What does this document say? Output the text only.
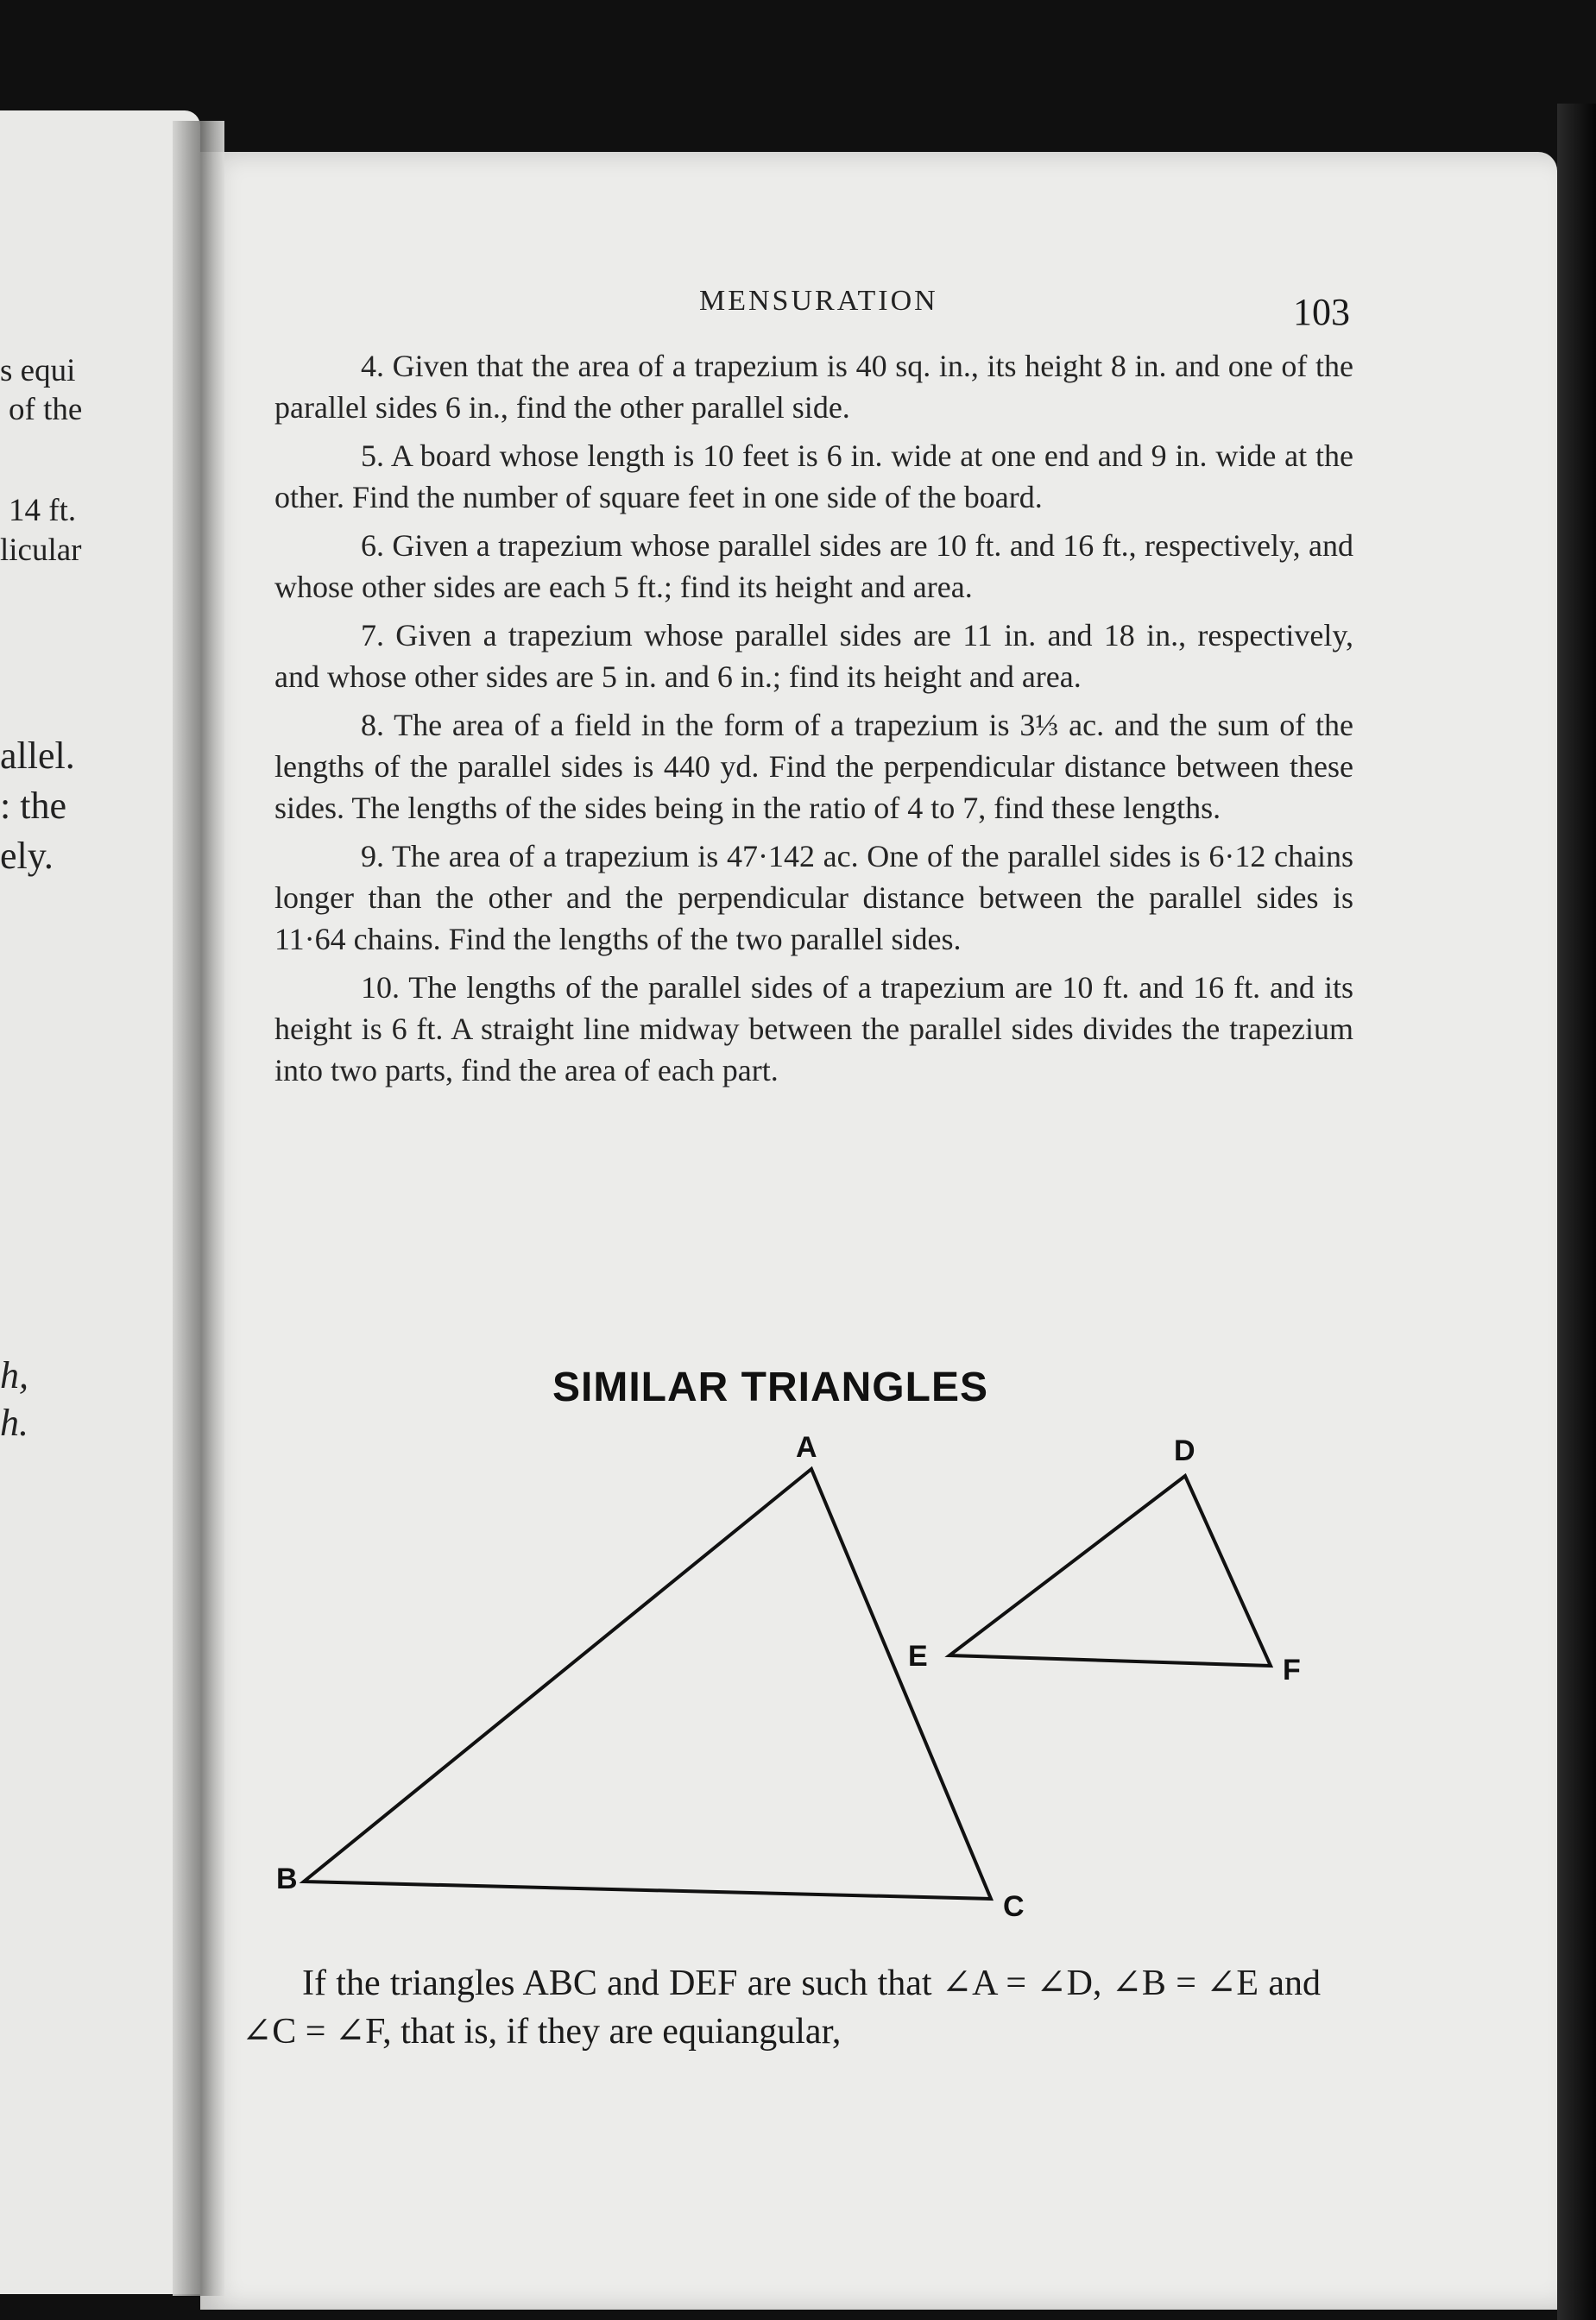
s equi
of the
14 ft.
licular
allel.
: the
ely.
h,
h.
MENSURATION	103

4. Given that the area of a trapezium is 40 sq. in., its height 8 in. and one of the parallel sides 6 in., find the other parallel side.

5. A board whose length is 10 feet is 6 in. wide at one end and 9 in. wide at the other. Find the number of square feet in one side of the board.

6. Given a trapezium whose parallel sides are 10 ft. and 16 ft., respectively, and whose other sides are each 5 ft.; find its height and area.

7. Given a trapezium whose parallel sides are 11 in. and 18 in., respectively, and whose other sides are 5 in. and 6 in.; find its height and area.

8. The area of a field in the form of a trapezium is 3⅓ ac. and the sum of the lengths of the parallel sides is 440 yd. Find the perpendicular distance between these sides. The lengths of the sides being in the ratio of 4 to 7, find these lengths.

9. The area of a trapezium is 47·142 ac. One of the parallel sides is 6·12 chains longer than the other and the perpendicular distance between the parallel sides is 11·64 chains. Find the lengths of the two parallel sides.

10. The lengths of the parallel sides of a trapezium are 10 ft. and 16 ft. and its height is 6 ft. A straight line midway between the parallel sides divides the trapezium into two parts, find the area of each part.

SIMILAR TRIANGLES
A
B
C
D
E	F

If the triangles ABC and DEF are such that ∠A = ∠D, ∠B = ∠E and ∠C = ∠F, that is, if they are equiangular,
